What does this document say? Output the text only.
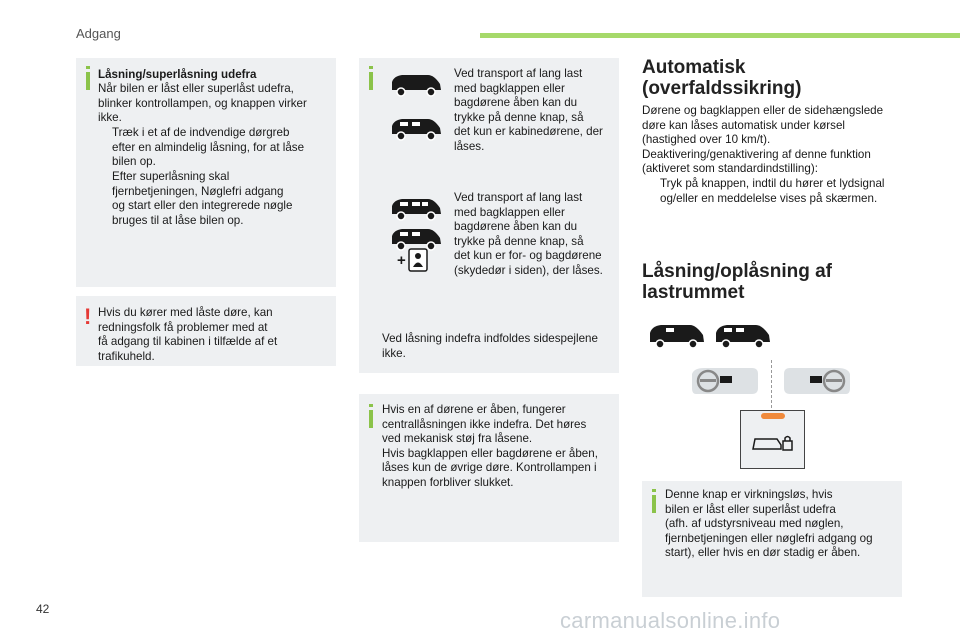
Adgang
Låsning/superlåsning udefra
Når bilen er låst eller superlåst udefra,
blinker kontrollampen, og knappen virker
ikke.
Træk i et af de indvendige dørgreb
efter en almindelig låsning, for at låse
bilen op.
Efter superlåsning skal
fjernbetjeningen, Nøglefri adgang
og start eller den integrerede nøgle
bruges til at låse bilen op.
! Hvis du kører med låste døre, kan
redningsfolk få problemer med at
få adgang til kabinen i tilfælde af et
trafikuheld.
Ved transport af lang last
med bagklappen eller
bagdørene åben kan du
trykke på denne knap, så
det kun er kabinedørene, der
låses.
+
Ved transport af lang last
med bagklappen eller
bagdørene åben kan du
trykke på denne knap, så
det kun er for- og bagdørene
(skydedør i siden), der låses.
Ved låsning indefra indfoldes sidespejlene
ikke.
Hvis en af dørene er åben, fungerer
centrallåsningen ikke indefra. Det høres
ved mekanisk støj fra låsene.
Hvis bagklappen eller bagdørene er åben,
låses kun de øvrige døre. Kontrollampen i
knappen forbliver slukket.
Automatisk
(overfaldssikring)
Dørene og bagklappen eller de sidehængslede
døre kan låses automatisk under kørsel
(hastighed over 10 km/t).
Deaktivering/genaktivering af denne funktion
(aktiveret som standardindstilling):
Tryk på knappen, indtil du hører et lydsignal
og/eller en meddelelse vises på skærmen.
Låsning/oplåsning af
lastrummet
Denne knap er virkningsløs, hvis
bilen er låst eller superlåst udefra
(afh. af udstyrsniveau med nøglen,
fjernbetjeningen eller nøglefri adgang og
start), eller hvis en dør stadig er åben.
42	carmanualsonline.info
